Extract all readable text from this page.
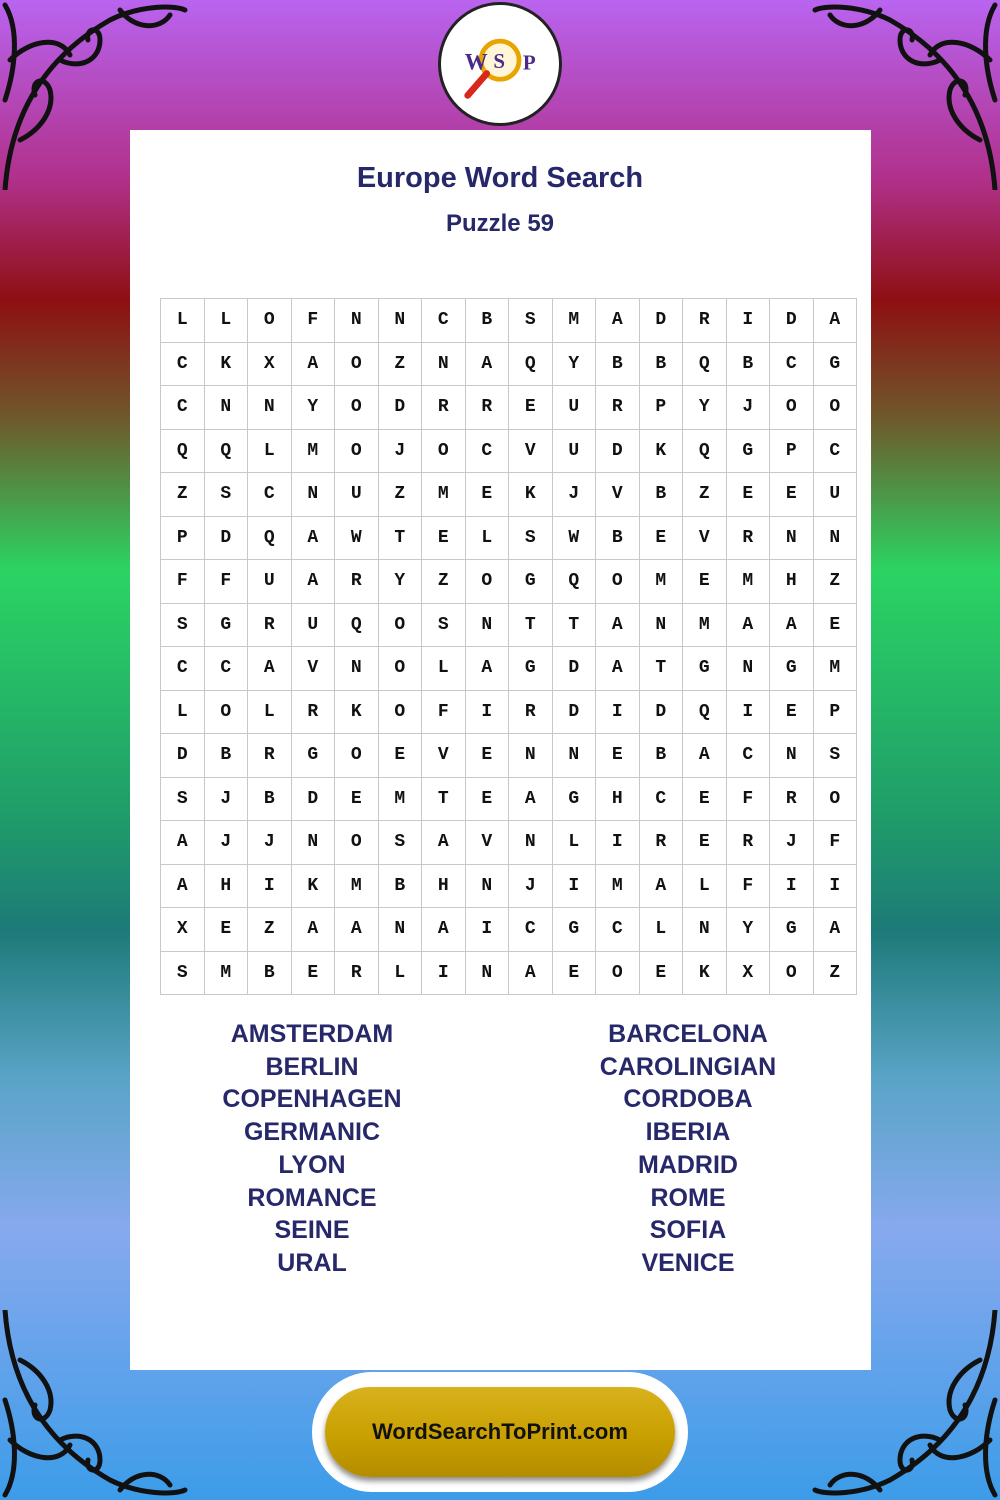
W S P
Europe Word Search
Puzzle 59
L	L	O	F	N	N	C	B	S	M	A	D	R	I	D	A
C	K	X	A	O	Z	N	A	Q	Y	B	B	Q	B	C	G
C	N	N	Y	O	D	R	R	E	U	R	P	Y	J	O	O
Q	Q	L	M	O	J	O	C	V	U	D	K	Q	G	P	C
Z	S	C	N	U	Z	M	E	K	J	V	B	Z	E	E	U
P	D	Q	A	W	T	E	L	S	W	B	E	V	R	N	N
F	F	U	A	R	Y	Z	O	G	Q	O	M	E	M	H	Z
S	G	R	U	Q	O	S	N	T	T	A	N	M	A	A	E
C	C	A	V	N	O	L	A	G	D	A	T	G	N	G	M
L	O	L	R	K	O	F	I	R	D	I	D	Q	I	E	P
D	B	R	G	O	E	V	E	N	N	E	B	A	C	N	S
S	J	B	D	E	M	T	E	A	G	H	C	E	F	R	O
A	J	J	N	O	S	A	V	N	L	I	R	E	R	J	F
A	H	I	K	M	B	H	N	J	I	M	A	L	F	I	I
X	E	Z	A	A	N	A	I	C	G	C	L	N	Y	G	A
S	M	B	E	R	L	I	N	A	E	O	E	K	X	O	Z
AMSTERDAM
BERLIN
COPENHAGEN
GERMANIC
LYON
ROMANCE
SEINE
URAL
BARCELONA
CAROLINGIAN
CORDOBA
IBERIA
MADRID
ROME
SOFIA
VENICE
WordSearchToPrint.com
